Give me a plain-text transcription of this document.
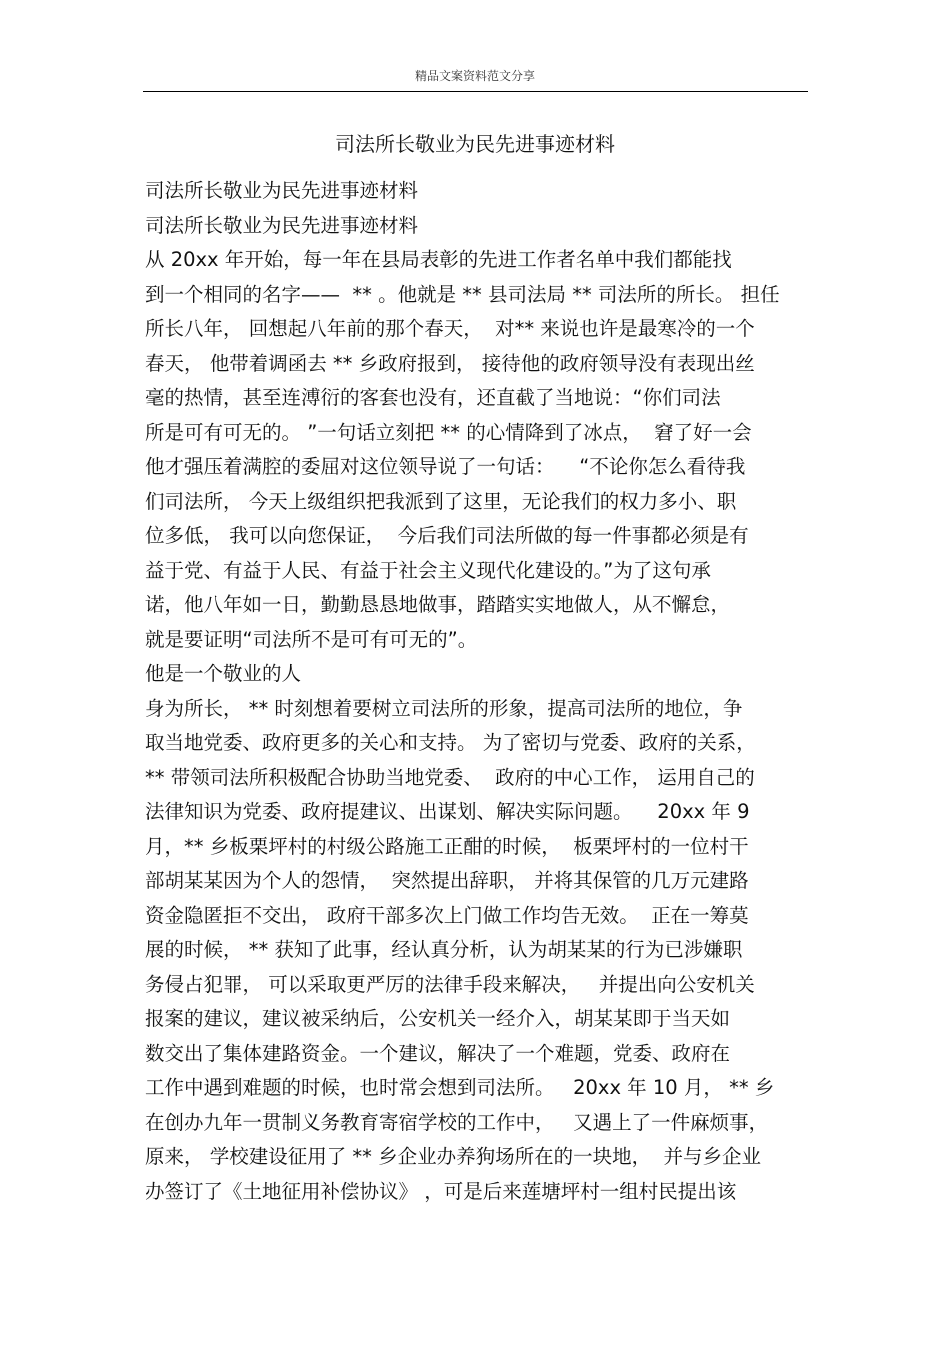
精品文案资料范文分享
司法所长敬业为民先进事迹材料
司法所长敬业为民先进事迹材料
司法所长敬业为民先进事迹材料
从 20xx 年开始，每一年在县局表彰的先进工作者名单中我们都能找
到一个相同的名字——  ** 。他就是 ** 县司法局 ** 司法所的所长。 担任
所长八年， 回想起八年前的那个春天，  对** 来说也许是最寒冷的一个
春天， 他带着调函去 ** 乡政府报到， 接待他的政府领导没有表现出丝
毫的热情，甚至连溥衍的客套也没有，还直截了当地说：“你们司法
所是可有可无的。 ”一句话立刻把 ** 的心情降到了冰点，  窘了好一会
他才强压着满腔的委屈对这位领导说了一句话：    “不论你怎么看待我
们司法所， 今天上级组织把我派到了这里，无论我们的权力多小、职
位多低， 我可以向您保证，  今后我们司法所做的每一件事都必须是有
益于党、有益于人民、有益于社会主义现代化建设的。”为了这句承
诺，他八年如一日，勤勤恳恳地做事，踏踏实实地做人，从不懈怠，
就是要证明“司法所不是可有可无的”。
他是一个敬业的人
身为所长， ** 时刻想着要树立司法所的形象，提高司法所的地位，争
取当地党委、政府更多的关心和支持。 为了密切与党委、政府的关系，
** 带领司法所积极配合协助当地党委、  政府的中心工作， 运用自己的
法律知识为党委、政府提建议、出谋划、解决实际问题。    20xx 年 9
月，** 乡板栗坪村的村级公路施工正酣的时候，  板栗坪村的一位村干
部胡某某因为个人的怨情，  突然提出辞职， 并将其保管的几万元建路
资金隐匿拒不交出， 政府干部多次上门做工作均告无效。  正在一筹莫
展的时候， ** 获知了此事，经认真分析，认为胡某某的行为已涉嫌职
务侵占犯罪， 可以采取更严厉的法律手段来解决，   并提出向公安机关
报案的建议，建议被采纳后，公安机关一经介入，胡某某即于当天如
数交出了集体建路资金。一个建议，解决了一个难题，党委、政府在
工作中遇到难题的时候，也时常会想到司法所。   20xx 年 10 月， ** 乡
在创办九年一贯制义务教育寄宿学校的工作中，   又遇上了一件麻烦事，
原来， 学校建设征用了 ** 乡企业办养狗场所在的一块地，  并与乡企业
办签订了《土地征用补偿协议》 ，可是后来莲塘坪村一组村民提出该
